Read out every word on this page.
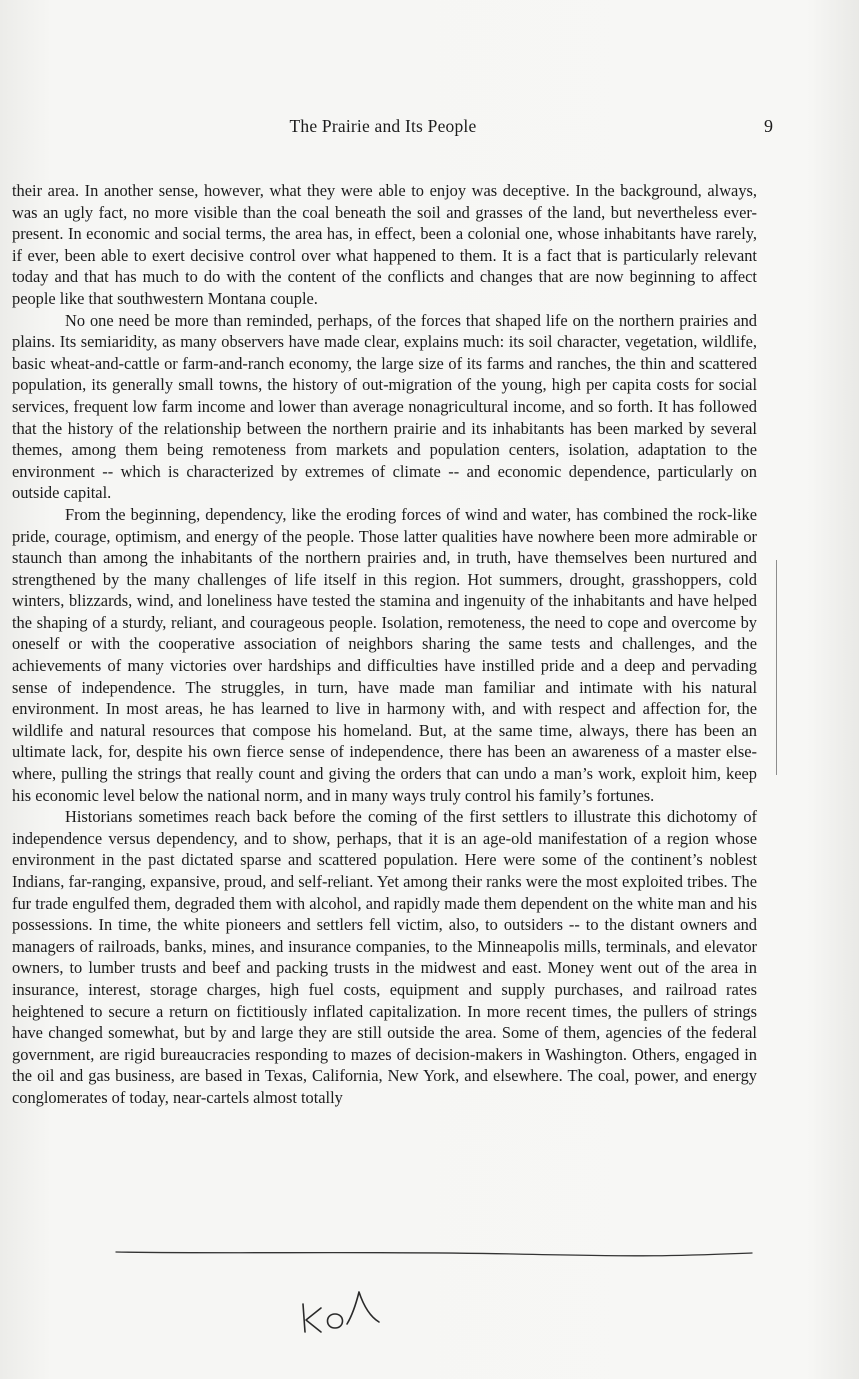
The Prairie and Its People	9

their area. In another sense, however, what they were able to enjoy was deceptive. In the background, always, was an ugly fact, no more visible than the coal beneath the soil and grasses of the land, but nevertheless ever-present. In economic and social terms, the area has, in effect, been a colonial one, whose inhabitants have rarely, if ever, been able to exert decisive control over what happened to them. It is a fact that is particularly relevant today and that has much to do with the content of the conflicts and changes that are now beginning to affect people like that southwestern Montana couple.

No one need be more than reminded, perhaps, of the forces that shaped life on the northern prairies and plains. Its semiaridity, as many observers have made clear, explains much: its soil character, vegetation, wildlife, basic wheat-and-cattle or farm-and-ranch economy, the large size of its farms and ranches, the thin and scattered population, its generally small towns, the history of out-migration of the young, high per capita costs for social services, frequent low farm income and lower than average nonagricultural income, and so forth. It has followed that the history of the relationship between the northern prairie and its inhabitants has been marked by several themes, among them being remoteness from markets and population centers, isolation, adaptation to the environment -- which is characterized by extremes of climate -- and economic dependence, particularly on outside capital.

From the beginning, dependency, like the eroding forces of wind and water, has combined the rock-like pride, courage, optimism, and energy of the people. Those latter qualities have nowhere been more admirable or staunch than among the inhabitants of the northern prairies and, in truth, have themselves been nurtured and strengthened by the many challenges of life itself in this region. Hot summers, drought, grasshoppers, cold winters, blizzards, wind, and loneliness have tested the stamina and ingenuity of the inhabitants and have helped the shaping of a sturdy, reliant, and courageous people. Isolation, remoteness, the need to cope and overcome by oneself or with the cooperative association of neighbors sharing the same tests and challenges, and the achievements of many victories over hardships and difficulties have instilled pride and a deep and pervading sense of independence. The struggles, in turn, have made man familiar and intimate with his natural environment. In most areas, he has learned to live in harmony with, and with respect and affection for, the wildlife and natural resources that compose his homeland. But, at the same time, always, there has been an ultimate lack, for, despite his own fierce sense of independence, there has been an awareness of a master elsewhere, pulling the strings that really count and giving the orders that can undo a man’s work, exploit him, keep his economic level below the national norm, and in many ways truly control his family’s fortunes.

Historians sometimes reach back before the coming of the first settlers to illustrate this dichotomy of independence versus dependency, and to show, perhaps, that it is an age-old manifestation of a region whose environment in the past dictated sparse and scattered population. Here were some of the continent’s noblest Indians, far-ranging, expansive, proud, and self-reliant. Yet among their ranks were the most exploited tribes. The fur trade engulfed them, degraded them with alcohol, and rapidly made them dependent on the white man and his possessions. In time, the white pioneers and settlers fell victim, also, to outsiders -- to the distant owners and managers of railroads, banks, mines, and insurance companies, to the Minneapolis mills, terminals, and elevator owners, to lumber trusts and beef and packing trusts in the midwest and east. Money went out of the area in insurance, interest, storage charges, high fuel costs, equipment and supply purchases, and railroad rates heightened to secure a return on fictitiously inflated capitalization. In more recent times, the pullers of strings have changed somewhat, but by and large they are still outside the area. Some of them, agencies of the federal government, are rigid bureaucracies responding to mazes of decision-makers in Washington. Others, engaged in the oil and gas business, are based in Texas, California, New York, and elsewhere. The coal, power, and energy conglomerates of today, near-cartels almost totally
